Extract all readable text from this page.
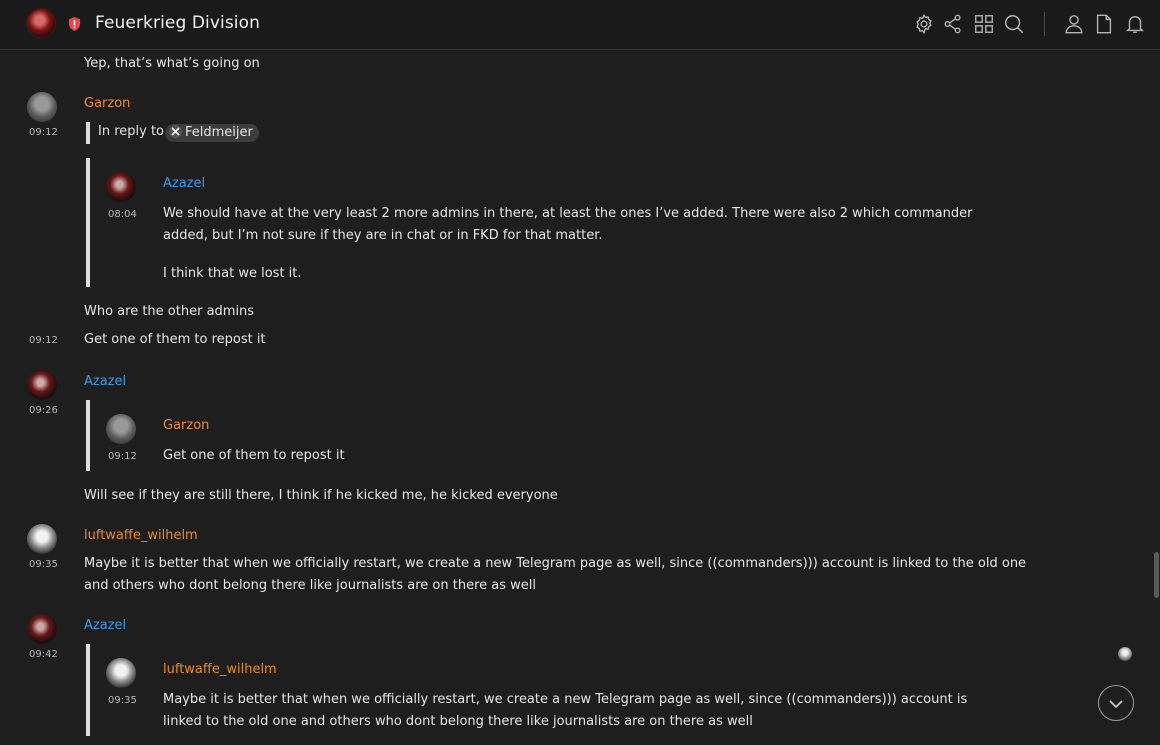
Feuerkrieg Division
Yep, that’s what’s going on
Garzon
09:12	In reply to	Feldmeijer
Azazel
08:04 We should have at the very least 2 more admins in there, at least the ones I’ve added. There were also 2 which commander
added, but I’m not sure if they are in chat or in FKD for that matter.
I think that we lost it.
Who are the other admins
09:12 Get one of them to repost it
Azazel
09:26
Garzon
09:12 Get one of them to repost it
Will see if they are still there, I think if he kicked me, he kicked everyone
luftwaffe_wilhelm
09:35 Maybe it is better that when we officially restart, we create a new Telegram page as well, since ((commanders))) account is linked to the old one
and others who dont belong there like journalists are on there as well
Azazel
09:42
luftwaffe_wilhelm
09:35 Maybe it is better that when we officially restart, we create a new Telegram page as well, since ((commanders))) account is
linked to the old one and others who dont belong there like journalists are on there as well
